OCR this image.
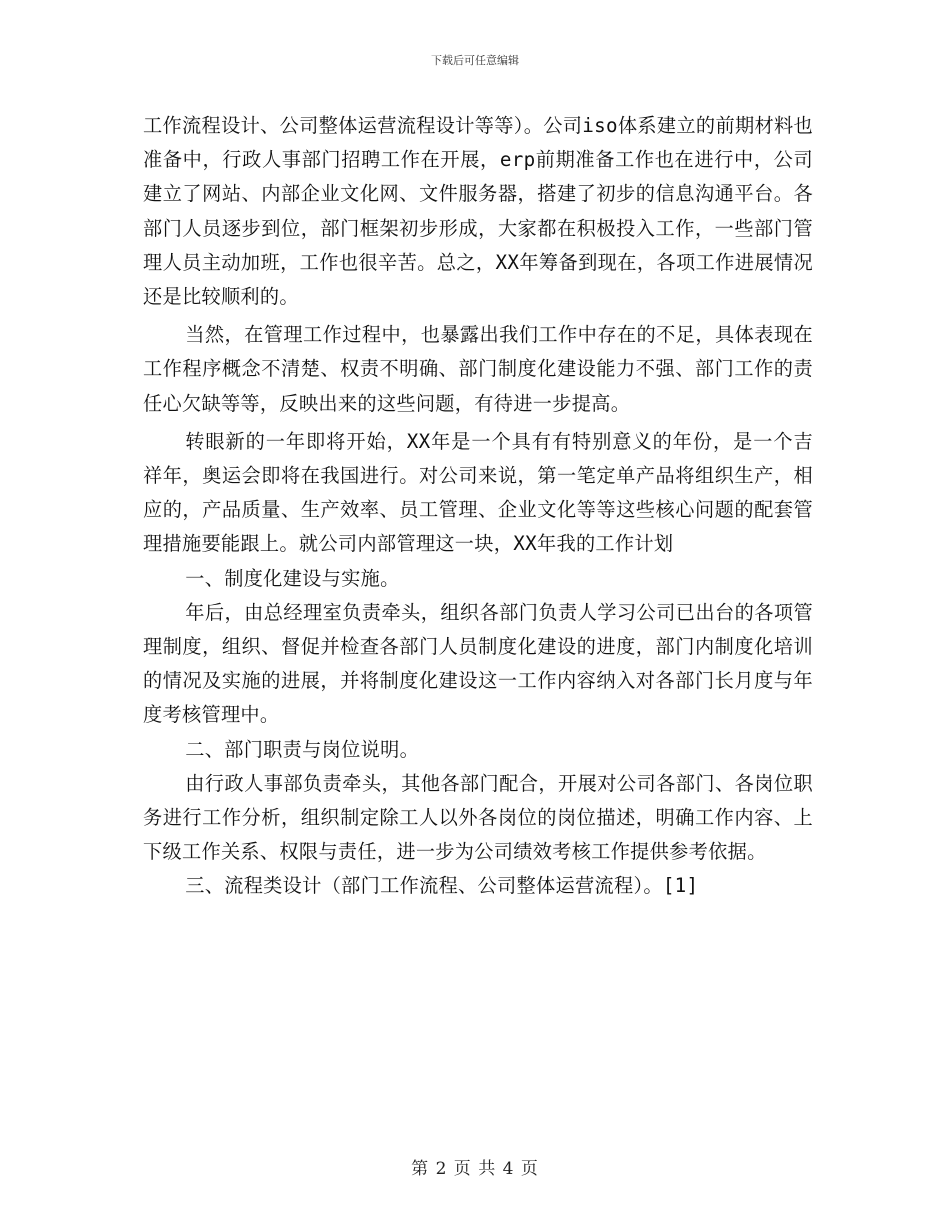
下载后可任意编辑

工作流程设计、公司整体运营流程设计等等）。公司iso体系建立的前期材料也准备中，行政人事部门招聘工作在开展，erp前期准备工作也在进行中，公司建立了网站、内部企业文化网、文件服务器，搭建了初步的信息沟通平台。各部门人员逐步到位，部门框架初步形成，大家都在积极投入工作，一些部门管理人员主动加班，工作也很辛苦。总之，XX年筹备到现在，各项工作进展情况还是比较顺利的。

当然，在管理工作过程中，也暴露出我们工作中存在的不足，具体表现在工作程序概念不清楚、权责不明确、部门制度化建设能力不强、部门工作的责任心欠缺等等，反映出来的这些问题，有待进一步提高。

转眼新的一年即将开始，XX年是一个具有有特别意义的年份，是一个吉祥年，奥运会即将在我国进行。对公司来说，第一笔定单产品将组织生产，相应的，产品质量、生产效率、员工管理、企业文化等等这些核心问题的配套管理措施要能跟上。就公司内部管理这一块，XX年我的工作计划

一、制度化建设与实施。

年后，由总经理室负责牵头，组织各部门负责人学习公司已出台的各项管理制度，组织、督促并检查各部门人员制度化建设的进度，部门内制度化培训的情况及实施的进展，并将制度化建设这一工作内容纳入对各部门长月度与年度考核管理中。

二、部门职责与岗位说明。

由行政人事部负责牵头，其他各部门配合，开展对公司各部门、各岗位职务进行工作分析，组织制定除工人以外各岗位的岗位描述，明确工作内容、上下级工作关系、权限与责任，进一步为公司绩效考核工作提供参考依据。

三、流程类设计（部门工作流程、公司整体运营流程）。[1]

第 2 页 共 4 页
